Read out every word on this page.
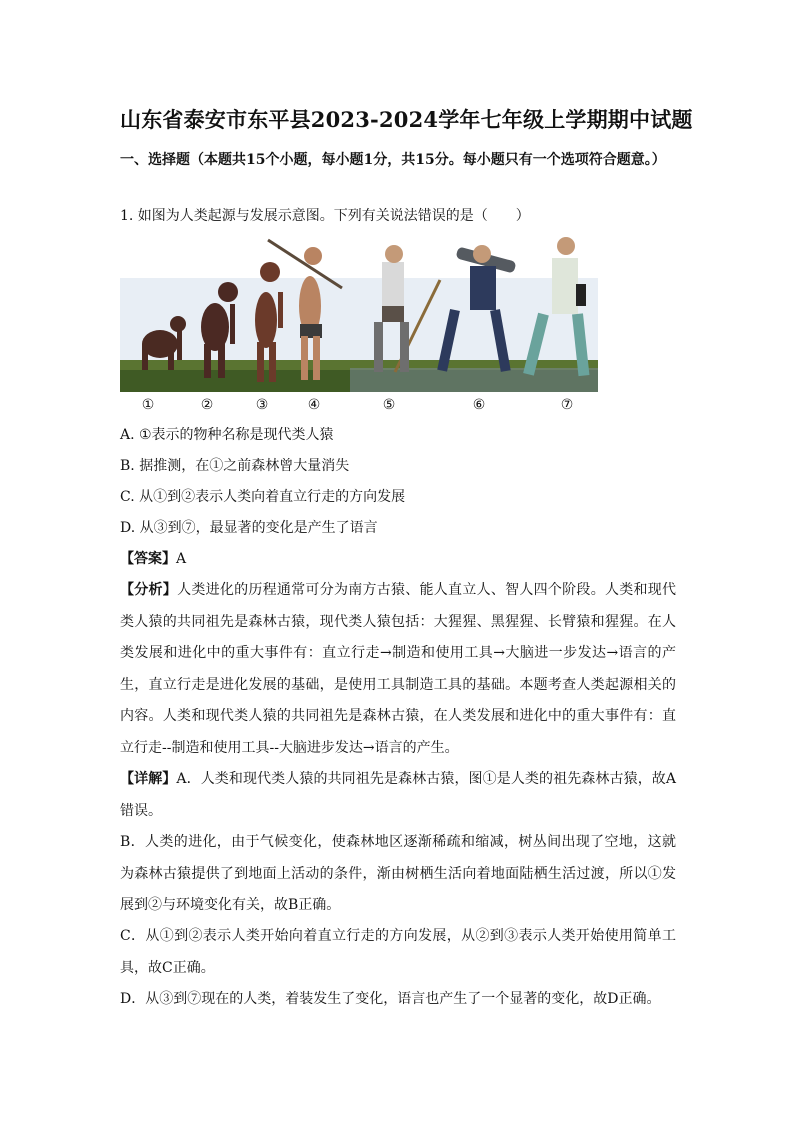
山东省泰安市东平县2023-2024学年七年级上学期期中试题
一、选择题（本题共15个小题，每小题1分，共15分。每小题只有一个选项符合题意。）
1. 如图为人类起源与发展示意图。下列有关说法错误的是（　　）
①	②	③	④	⑤	⑥	⑦
A. ①表示的物种名称是现代类人猿
B. 据推测，在①之前森林曾大量消失
C. 从①到②表示人类向着直立行走的方向发展
D. 从③到⑦，最显著的变化是产生了语言
【答案】A
【分析】人类进化的历程通常可分为南方古猿、能人直立人、智人四个阶段。人类和现代类人猿的共同祖先是森林古猿，现代类人猿包括：大猩猩、黑猩猩、长臂猿和猩猩。在人类发展和进化中的重大事件有：直立行走→制造和使用工具→大脑进一步发达→语言的产生，直立行走是进化发展的基础，是使用工具制造工具的基础。本题考查人类起源相关的内容。人类和现代类人猿的共同祖先是森林古猿，在人类发展和进化中的重大事件有：直立行走--制造和使用工具--大脑进步发达→语言的产生。
【详解】A．人类和现代类人猿的共同祖先是森林古猿，图①是人类的祖先森林古猿，故A错误。
B．人类的进化，由于气候变化，使森林地区逐渐稀疏和缩减，树丛间出现了空地，这就为森林古猿提供了到地面上活动的条件，渐由树栖生活向着地面陆栖生活过渡，所以①发展到②与环境变化有关，故B正确。
C．从①到②表示人类开始向着直立行走的方向发展，从②到③表示人类开始使用简单工具，故C正确。
D．从③到⑦现在的人类，着装发生了变化，语言也产生了一个显著的变化，故D正确。
